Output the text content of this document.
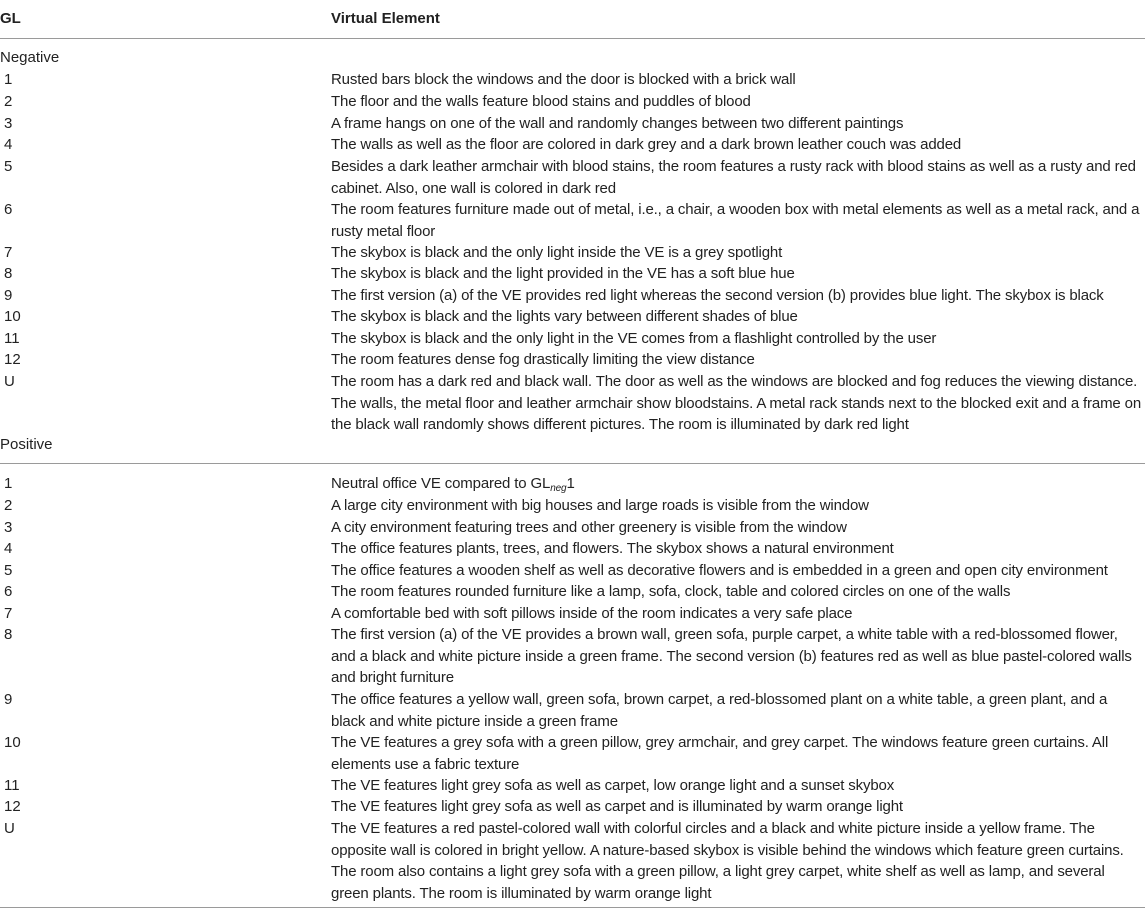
GL	Virtual Element
Negative
1	Rusted bars block the windows and the door is blocked with a brick wall
2	The floor and the walls feature blood stains and puddles of blood
3	A frame hangs on one of the wall and randomly changes between two different paintings
4	The walls as well as the floor are colored in dark grey and a dark brown leather couch was added
5	Besides a dark leather armchair with blood stains, the room features a rusty rack with blood stains as well as a rusty and red cabinet. Also, one wall is colored in dark red
6	The room features furniture made out of metal, i.e., a chair, a wooden box with metal elements as well as a metal rack, and a rusty metal floor
7	The skybox is black and the only light inside the VE is a grey spotlight
8	The skybox is black and the light provided in the VE has a soft blue hue
9	The first version (a) of the VE provides red light whereas the second version (b) provides blue light. The skybox is black
10	The skybox is black and the lights vary between different shades of blue
11	The skybox is black and the only light in the VE comes from a flashlight controlled by the user
12	The room features dense fog drastically limiting the view distance
U	The room has a dark red and black wall. The door as well as the windows are blocked and fog reduces the viewing distance. The walls, the metal floor and leather armchair show bloodstains. A metal rack stands next to the blocked exit and a frame on the black wall randomly shows different pictures. The room is illuminated by dark red light
Positive
1	Neutral office VE compared to $GL_{neg}1$
2	A large city environment with big houses and large roads is visible from the window
3	A city environment featuring trees and other greenery is visible from the window
4	The office features plants, trees, and flowers. The skybox shows a natural environment
5	The office features a wooden shelf as well as decorative flowers and is embedded in a green and open city environment
6	The room features rounded furniture like a lamp, sofa, clock, table and colored circles on one of the walls
7	A comfortable bed with soft pillows inside of the room indicates a very safe place
8	The first version (a) of the VE provides a brown wall, green sofa, purple carpet, a white table with a red-blossomed flower, and a black and white picture inside a green frame. The second version (b) features red as well as blue pastel-colored walls and bright furniture
9	The office features a yellow wall, green sofa, brown carpet, a red-blossomed plant on a white table, a green plant, and a black and white picture inside a green frame
10	The VE features a grey sofa with a green pillow, grey armchair, and grey carpet. The windows feature green curtains. All elements use a fabric texture
11	The VE features light grey sofa as well as carpet, low orange light and a sunset skybox
12	The VE features light grey sofa as well as carpet and is illuminated by warm orange light
U	The VE features a red pastel-colored wall with colorful circles and a black and white picture inside a yellow frame. The opposite wall is colored in bright yellow. A nature-based skybox is visible behind the windows which feature green curtains. The room also contains a light grey sofa with a green pillow, a light grey carpet, white shelf as well as lamp, and several green plants. The room is illuminated by warm orange light
